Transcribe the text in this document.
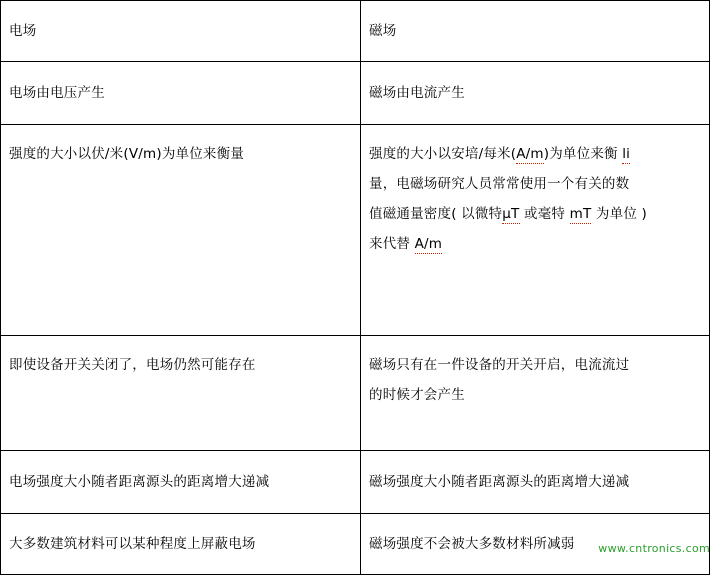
电场	磁场
电场由电压产生	磁场由电流产生
强度的大小以伏/米(V/m)为单位来衡量	强度的大小以安培/每米(A/m)为单位来衡 li
量，电磁场研究人员常常使用一个有关的数
值磁通量密度( 以微特μT 或毫特 mT 为单位 )
来代替 A/m

即使设备开关关闭了，电场仍然可能存在	磁场只有在一件设备的开关开启，电流流过
的时候才会产生

电场强度大小随者距离源头的距离增大递减	磁场强度大小随者距离源头的距离增大递减
大多数建筑材料可以某种程度上屏蔽电场	磁场强度不会被大多数材料所减弱 www.cntronics.com
